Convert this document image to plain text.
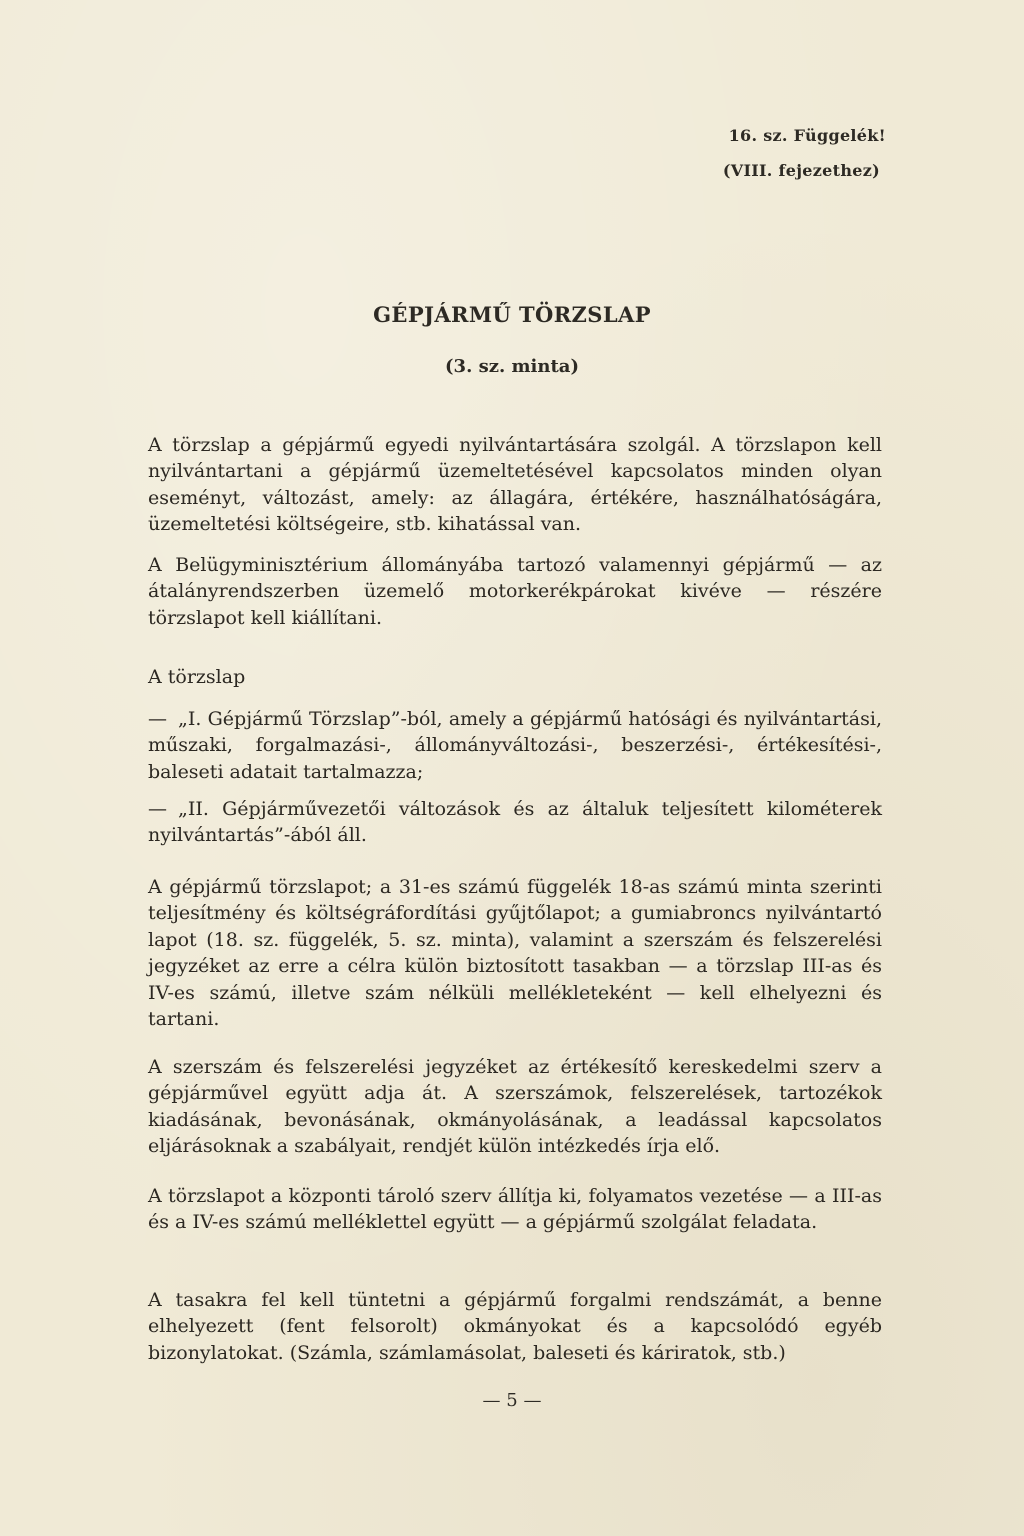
16. sz. Függelék!
(VIII. fejezethez)
GÉPJÁRMŰ TÖRZSLAP
(3. sz. minta)

A törzslap a gépjármű egyedi nyilvántartására szolgál. A törzslapon kell nyilvántartani a gépjármű üzemeltetésével kapcsolatos minden olyan eseményt, változást, amely: az állagára, értékére, használhatóságára, üzemeltetési költségeire, stb. kihatással van.

A Belügyminisztérium állományába tartozó valamennyi gépjármű — az átalányrendszerben üzemelő motorkerékpárokat kivéve — részére törzslapot kell kiállítani.

A törzslap

— „I. Gépjármű Törzslap”-ból, amely a gépjármű hatósági és nyilvántartási, műszaki, forgalmazási-, állományváltozási-, beszerzési-, értékesítési-, baleseti adatait tartalmazza;
— „II. Gépjárművezetői változások és az általuk teljesített kilométerek nyilvántartás”-ából áll.

A gépjármű törzslapot; a 31-es számú függelék 18-as számú minta szerinti teljesítmény és költségráfordítási gyűjtőlapot; a gumiabroncs nyilvántartó lapot (18. sz. függelék, 5. sz. minta), valamint a szerszám és felszerelési jegyzéket az erre a célra külön biztosított tasakban — a törzslap III-as és IV-es számú, illetve szám nélküli mellékleteként — kell elhelyezni és tartani.

A szerszám és felszerelési jegyzéket az értékesítő kereskedelmi szerv a gépjárművel együtt adja át. A szerszámok, felszerelések, tartozékok kiadásának, bevonásának, okmányolásának, a leadással kapcsolatos eljárásoknak a szabályait, rendjét külön intézkedés írja elő.

A törzslapot a központi tároló szerv állítja ki, folyamatos vezetése — a III-as és a IV-es számú melléklettel együtt — a gépjármű szolgálat feladata.

A tasakra fel kell tüntetni a gépjármű forgalmi rendszámát, a benne elhelyezett (fent felsorolt) okmányokat és a kapcsolódó egyéb bizonylatokat. (Számla, számlamásolat, baleseti és káriratok, stb.)

— 5 —
